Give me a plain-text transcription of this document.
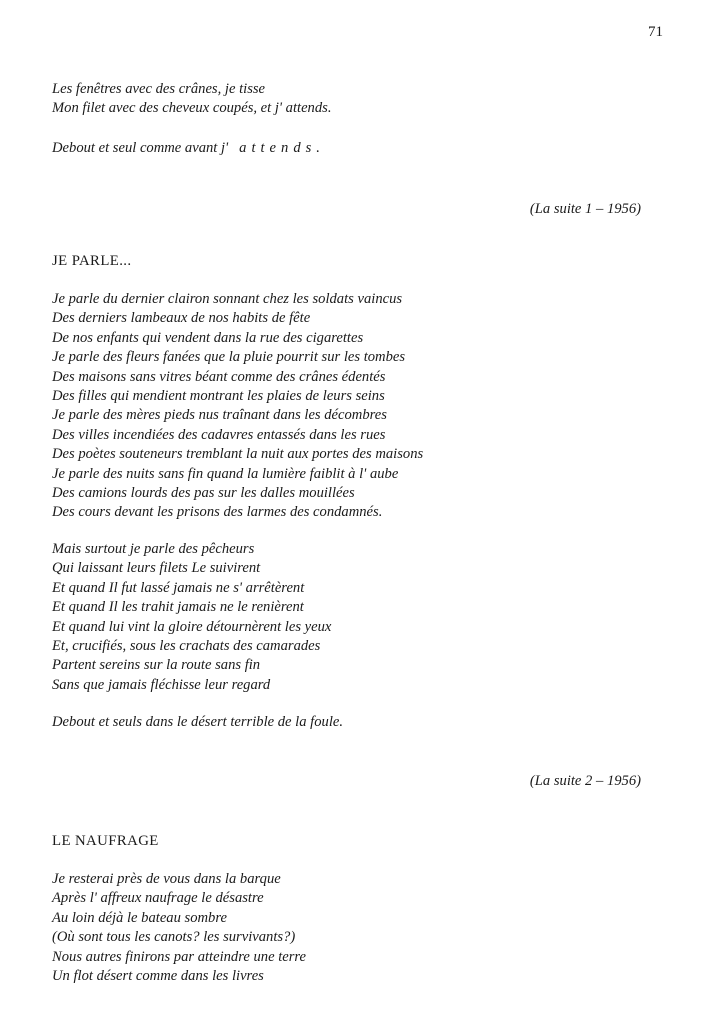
71
Les fenêtres avec des crânes, je tisse
Mon filet avec des cheveux coupés, et j' attends.
Debout et seul comme avant j' attends.
(La suite 1 – 1956)
JE PARLE...
Je parle du dernier clairon sonnant chez les soldats vaincus
Des derniers lambeaux de nos habits de fête
De nos enfants qui vendent dans la rue des cigarettes
Je parle des fleurs fanées que la pluie pourrit sur les tombes
Des maisons sans vitres béant comme des crânes édentés
Des filles qui mendient montrant les plaies de leurs seins
Je parle des mères pieds nus traînant dans les décombres
Des villes incendiées des cadavres entassés dans les rues
Des poètes souteneurs tremblant la nuit aux portes des maisons
Je parle des nuits sans fin quand la lumière faiblit à l' aube
Des camions lourds des pas sur les dalles mouillées
Des cours devant les prisons des larmes des condamnés.
Mais surtout je parle des pêcheurs
Qui laissant leurs filets Le suivirent
Et quand Il fut lassé jamais ne s' arrêtèrent
Et quand Il les trahit jamais ne le renièrent
Et quand lui vint la gloire détournèrent les yeux
Et, crucifiés, sous les crachats des camarades
Partent sereins sur la route sans fin
Sans que jamais fléchisse leur regard
Debout et seuls dans le désert terrible de la foule.
(La suite 2 – 1956)
LE NAUFRAGE
Je resterai près de vous dans la barque
Après l' affreux naufrage le désastre
Au loin déjà le bateau sombre
(Où sont tous les canots? les survivants?)
Nous autres finirons par atteindre une terre
Un flot désert comme dans les livres
